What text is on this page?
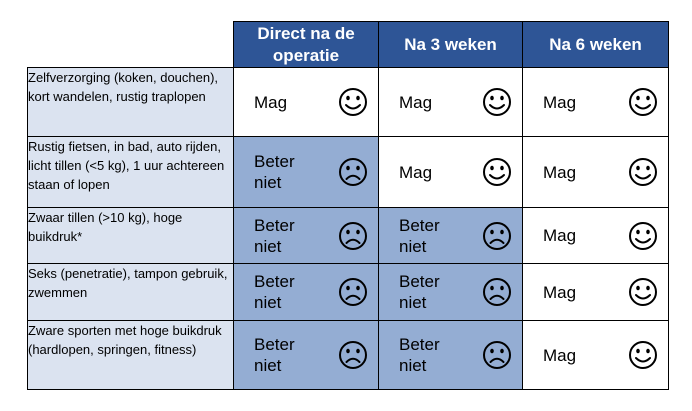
	Direct na de operatie	Na 3 weken	Na 6 weken
Zelfverzorging (koken, douchen), kort wandelen, rustig traplopen	Mag	Mag	Mag

Rustig fietsen, in bad, auto rijden, licht tillen (<5 kg), 1 uur achtereen staan of lopen	Beter niet	Mag	Mag

Zwaar tillen (>10 kg), hoge buikdruk*	Beter niet	Beter niet	Mag

Seks (penetratie), tampon gebruik, zwemmen	Beter niet	Beter niet	Mag

Zware sporten met hoge buikdruk (hardlopen, springen, fitness)	Beter niet	Beter niet	Mag
